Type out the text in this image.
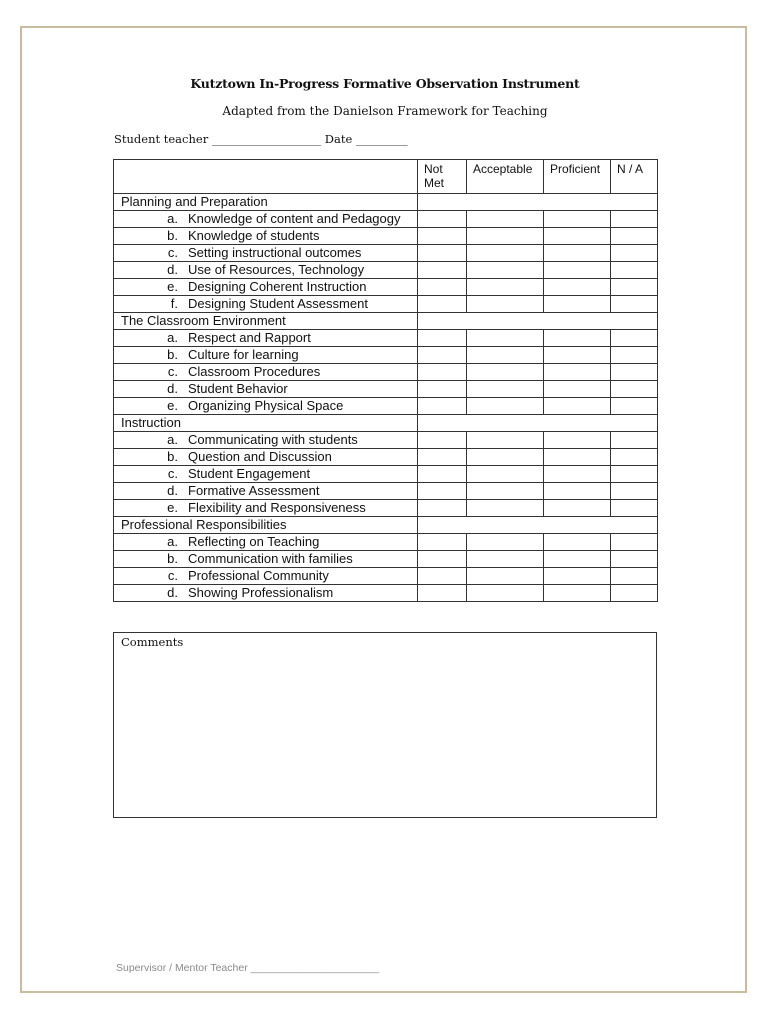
Kutztown In-Progress Formative Observation Instrument
Adapted from the Danielson Framework for Teaching
Student teacher ___________________ Date _________
	Not Met	Acceptable	Proficient	N / A
Planning and Preparation				

a. Knowledge of content and Pedagogy				

b. Knowledge of students				

c. Setting instructional outcomes				

d. Use of Resources, Technology				

e. Designing Coherent Instruction				

f. Designing Student Assessment				

The Classroom Environment				

a. Respect and Rapport				

b. Culture for learning				

c. Classroom Procedures				

d. Student Behavior				

e. Organizing Physical Space				

Instruction				

a. Communicating with students				

b. Question and Discussion				

c. Student Engagement				

d. Formative Assessment				

e. Flexibility and Responsiveness				

Professional Responsibilities				

a. Reflecting on Teaching				

b. Communication with families				

c. Professional Community				

d. Showing Professionalism				

Comments
Supervisor / Mentor Teacher ______________________
